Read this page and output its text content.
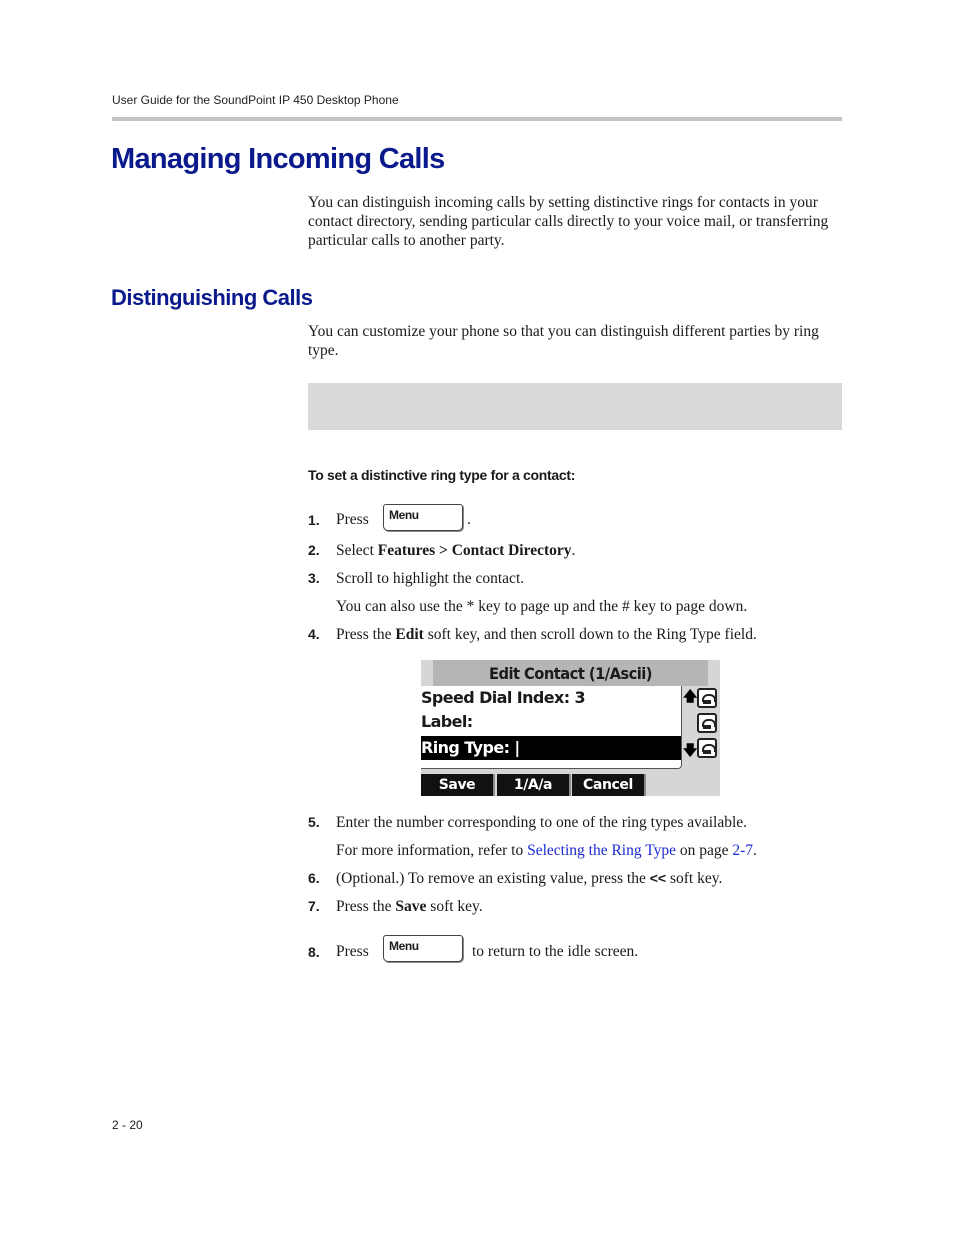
User Guide for the SoundPoint IP 450 Desktop Phone
Managing Incoming Calls

You can distinguish incoming calls by setting distinctive rings for contacts in your contact directory, sending particular calls directly to your voice mail, or transferring particular calls to another party.

Distinguishing Calls

You can customize your phone so that you can distinguish different parties by ring type.

To set a distinctive ring type for a contact:
1. Press Menu	.
2. Select Features > Contact Directory.
3. Scroll to highlight the contact.
You can also use the * key to page up and the # key to page down.
4. Press the Edit soft key, and then scroll down to the Ring Type field.
Edit Contact (1/Ascii)
Speed Dial Index: 3
Label:
Ring Type: |
🡅
🡇
Save	1/A/a	Cancel
5. Enter the number corresponding to one of the ring types available.
For more information, refer to Selecting the Ring Type on page 2-7.
6. (Optional.) To remove an existing value, press the << soft key.
7. Press the Save soft key.
8. Press Menu	to return to the idle screen.
2 - 20
